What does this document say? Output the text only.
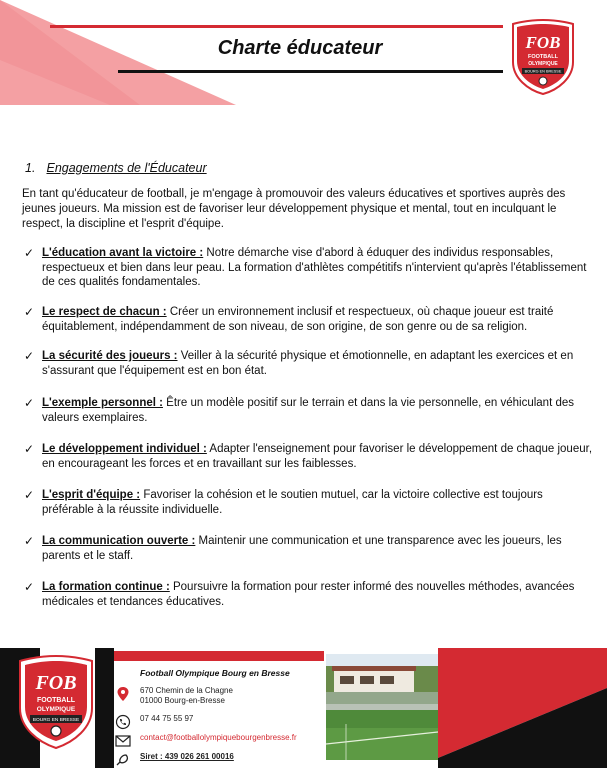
Charte éducateur	FOB
FOOTBALL
OLYMPIQUE
BOURG EN BRESSE
1. Engagements de l'Éducateur

En tant qu'éducateur de football, je m'engage à promouvoir des valeurs éducatives et sportives auprès des jeunes joueurs. Ma mission est de favoriser leur développement physique et mental, tout en inculquant le respect, la discipline et l'esprit d'équipe.

✓ L'éducation avant la victoire : Notre démarche vise d'abord à éduquer des individus responsables, respectueux et bien dans leur peau. La formation d'athlètes compétitifs n'intervient qu'après l'établissement de ces qualités fondamentales.
✓ Le respect de chacun : Créer un environnement inclusif et respectueux, où chaque joueur est traité équitablement, indépendamment de son niveau, de son origine, de son genre ou de sa religion.
✓ La sécurité des joueurs : Veiller à la sécurité physique et émotionnelle, en adaptant les exercices et en s'assurant que l'équipement est en bon état.
✓ L'exemple personnel : Être un modèle positif sur le terrain et dans la vie personnelle, en véhiculant des valeurs exemplaires.
✓ Le développement individuel : Adapter l'enseignement pour favoriser le développement de chaque joueur, en encourageant les forces et en travaillant sur les faiblesses.
✓ L'esprit d'équipe : Favoriser la cohésion et le soutien mutuel, car la victoire collective est toujours préférable à la réussite individuelle.
✓ La communication ouverte : Maintenir une communication et une transparence avec les joueurs, les parents et le staff.
✓ La formation continue : Poursuivre la formation pour rester informé des nouvelles méthodes, avancées médicales et tendances éducatives.
FOB
FOOTBALL
OLYMPIQUE
BOURG EN BRESSE
Football Olympique Bourg en Bresse
670 Chemin de la Chagne
01000 Bourg-en-Bresse
07 44 75 55 97
contact@footballolympiquebourgenbresse.fr
Siret : 439 026 261 00016
